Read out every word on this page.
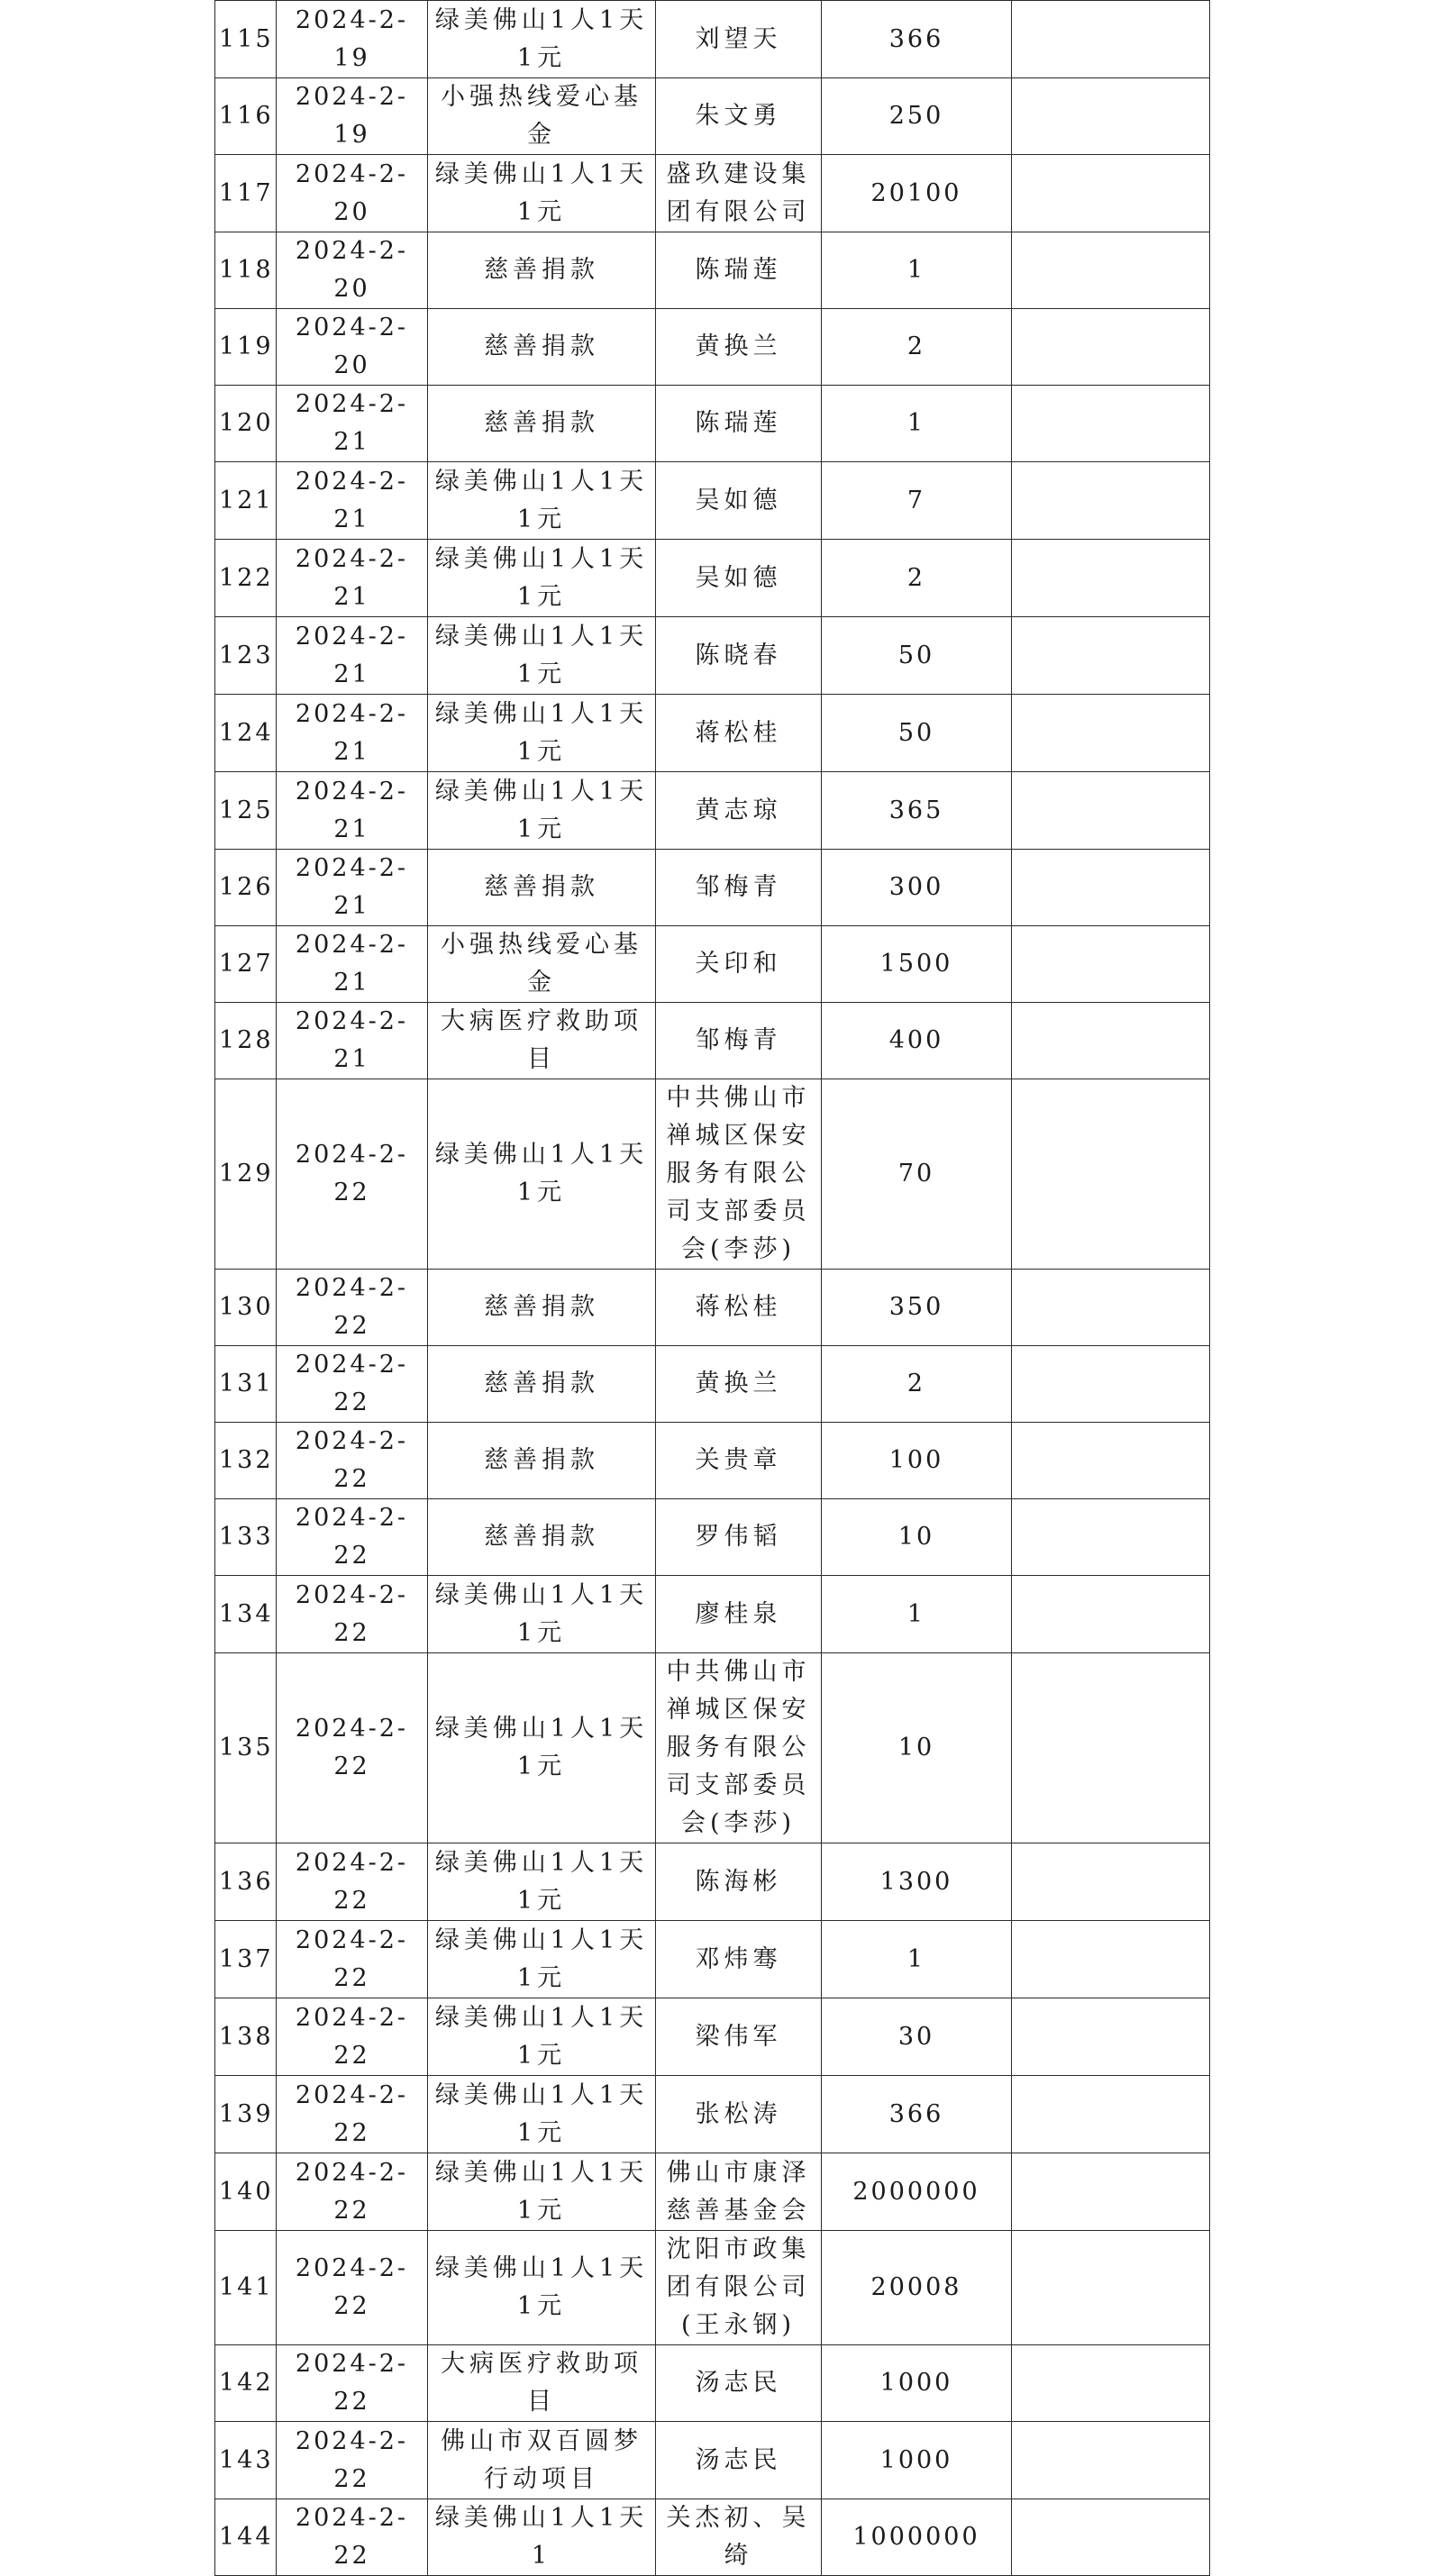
115	2024-2-19	绿美佛山1人1天1元	刘望天	366	
116	2024-2-19	小强热线爱心基金	朱文勇	250	
117	2024-2-20	绿美佛山1人1天1元	盛玖建设集团有限公司	20100	
118	2024-2-20	慈善捐款	陈瑞莲	1	
119	2024-2-20	慈善捐款	黄换兰	2	
120	2024-2-21	慈善捐款	陈瑞莲	1	
121	2024-2-21	绿美佛山1人1天1元	吴如德	7	
122	2024-2-21	绿美佛山1人1天1元	吴如德	2	
123	2024-2-21	绿美佛山1人1天1元	陈晓春	50	
124	2024-2-21	绿美佛山1人1天1元	蒋松桂	50	
125	2024-2-21	绿美佛山1人1天1元	黄志琼	365	
126	2024-2-21	慈善捐款	邹梅青	300	
127	2024-2-21	小强热线爱心基金	关印和	1500	
128	2024-2-21	大病医疗救助项目	邹梅青	400	
129	2024-2-22	绿美佛山1人1天1元	中共佛山市禅城区保安服务有限公司支部委员会(李莎)	70	
130	2024-2-22	慈善捐款	蒋松桂	350	
131	2024-2-22	慈善捐款	黄换兰	2	
132	2024-2-22	慈善捐款	关贵章	100	
133	2024-2-22	慈善捐款	罗伟韬	10	
134	2024-2-22	绿美佛山1人1天1元	廖桂泉	1	
135	2024-2-22	绿美佛山1人1天1元	中共佛山市禅城区保安服务有限公司支部委员会(李莎)	10	
136	2024-2-22	绿美佛山1人1天1元	陈海彬	1300	
137	2024-2-22	绿美佛山1人1天1元	邓炜骞	1	
138	2024-2-22	绿美佛山1人1天1元	梁伟军	30	
139	2024-2-22	绿美佛山1人1天1元	张松涛	366	
140	2024-2-22	绿美佛山1人1天1元	佛山市康泽慈善基金会	2000000	
141	2024-2-22	绿美佛山1人1天1元	沈阳市政集团有限公司(王永钢)	20008	
142	2024-2-22	大病医疗救助项目	汤志民	1000	
143	2024-2-22	佛山市双百圆梦行动项目	汤志民	1000	
144	2024-2-22	绿美佛山1人1天1	关杰初、吴绮	1000000	
